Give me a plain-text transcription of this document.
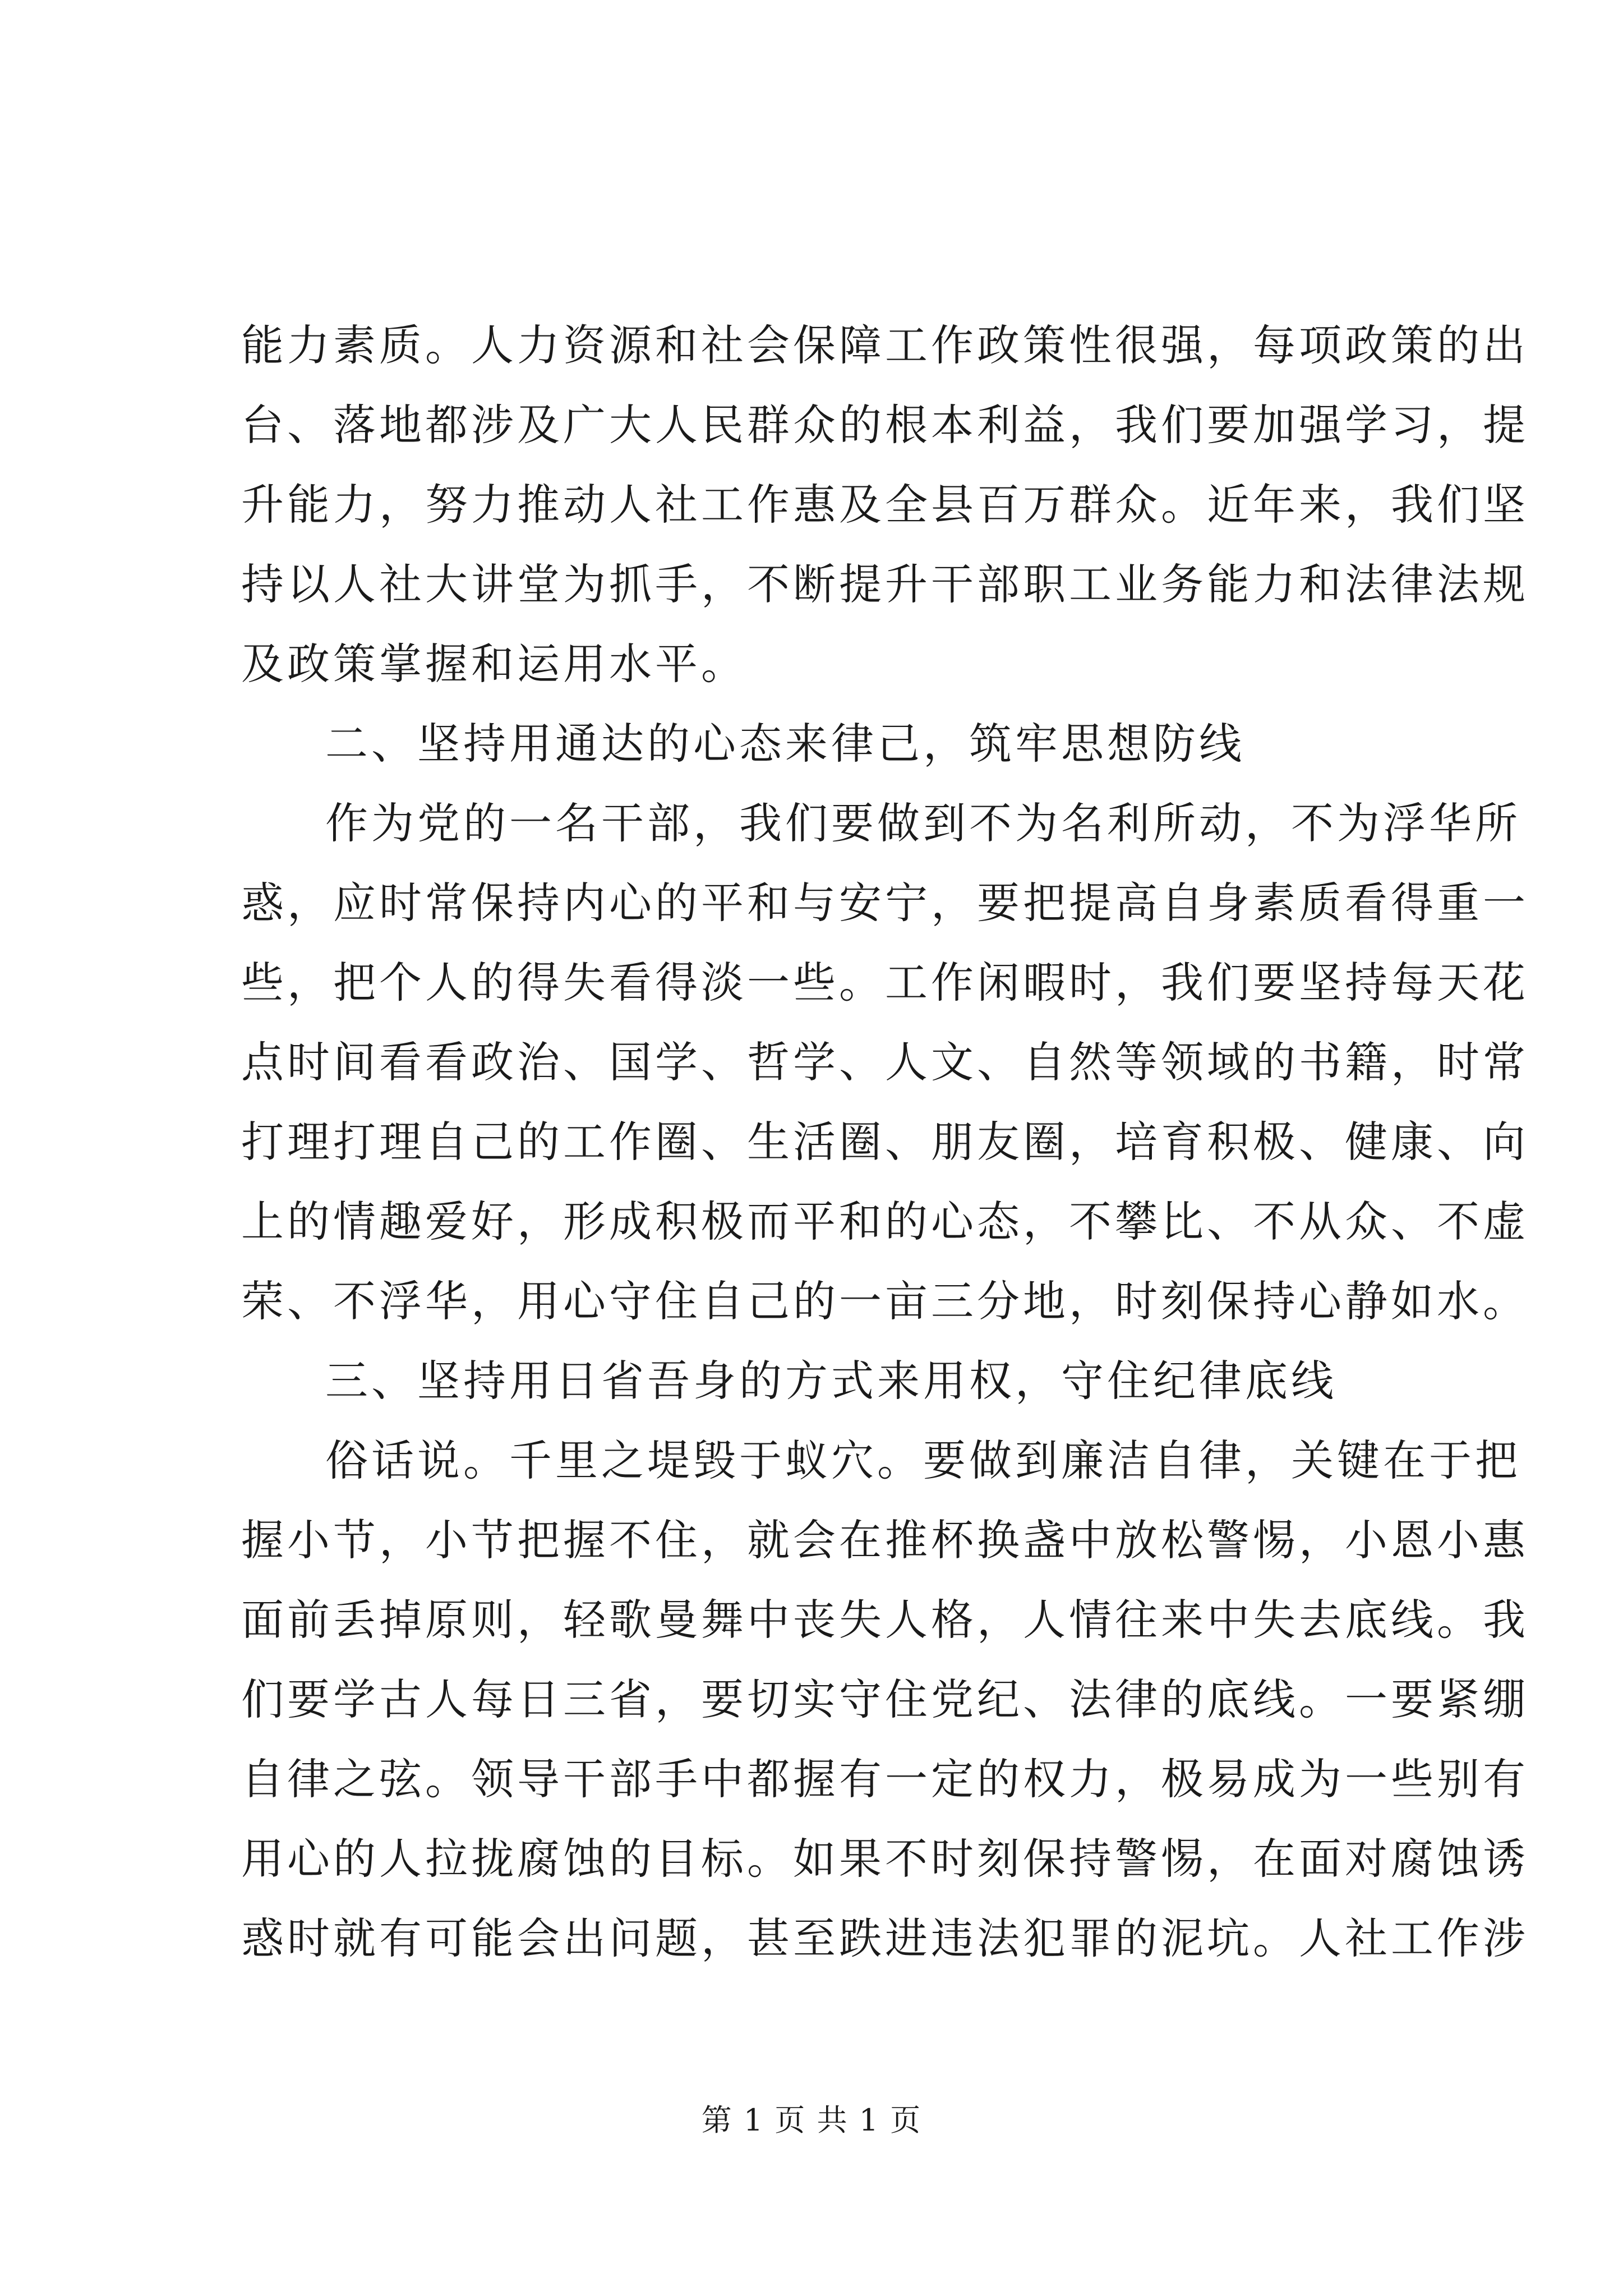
能力素质。人力资源和社会保障工作政策性很强，每项政策的出
台、落地都涉及广大人民群众的根本利益，我们要加强学习，提
升能力，努力推动人社工作惠及全县百万群众。近年来，我们坚
持以人社大讲堂为抓手，不断提升干部职工业务能力和法律法规
及政策掌握和运用水平。
二、坚持用通达的心态来律己，筑牢思想防线
作为党的一名干部，我们要做到不为名利所动，不为浮华所
惑，应时常保持内心的平和与安宁，要把提高自身素质看得重一
些，把个人的得失看得淡一些。工作闲暇时，我们要坚持每天花
点时间看看政治、国学、哲学、人文、自然等领域的书籍，时常
打理打理自己的工作圈、生活圈、朋友圈，培育积极、健康、向
上的情趣爱好，形成积极而平和的心态，不攀比、不从众、不虚
荣、不浮华，用心守住自己的一亩三分地，时刻保持心静如水。
三、坚持用日省吾身的方式来用权，守住纪律底线
俗话说。千里之堤毁于蚁穴。要做到廉洁自律，关键在于把
握小节，小节把握不住，就会在推杯换盏中放松警惕，小恩小惠
面前丢掉原则，轻歌曼舞中丧失人格，人情往来中失去底线。我
们要学古人每日三省，要切实守住党纪、法律的底线。一要紧绷
自律之弦。领导干部手中都握有一定的权力，极易成为一些别有
用心的人拉拢腐蚀的目标。如果不时刻保持警惕，在面对腐蚀诱
惑时就有可能会出问题，甚至跌进违法犯罪的泥坑。人社工作涉
第 1 页 共 1 页
